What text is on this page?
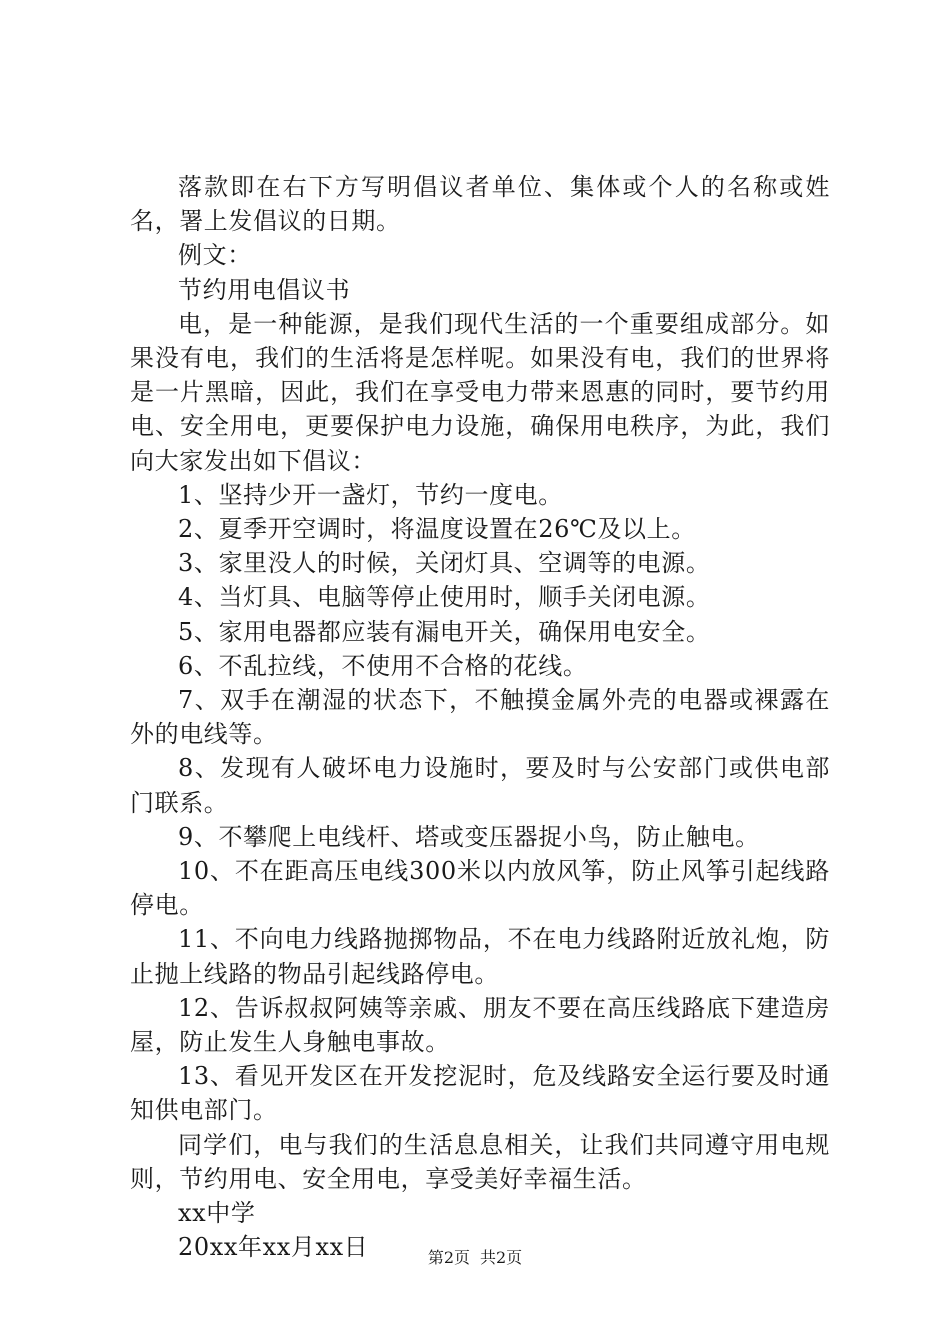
落款即在右下方写明倡议者单位、集体或个人的名称或姓名，署上发倡议的日期。

例文：

节约用电倡议书

电，是一种能源，是我们现代生活的一个重要组成部分。如果没有电，我们的生活将是怎样呢。如果没有电，我们的世界将是一片黑暗，因此，我们在享受电力带来恩惠的同时，要节约用电、安全用电，更要保护电力设施，确保用电秩序，为此，我们向大家发出如下倡议：

1、坚持少开一盏灯，节约一度电。

2、夏季开空调时，将温度设置在26℃及以上。

3、家里没人的时候，关闭灯具、空调等的电源。

4、当灯具、电脑等停止使用时，顺手关闭电源。

5、家用电器都应装有漏电开关，确保用电安全。

6、不乱拉线，不使用不合格的花线。

7、双手在潮湿的状态下，不触摸金属外壳的电器或裸露在外的电线等。

8、发现有人破坏电力设施时，要及时与公安部门或供电部门联系。

9、不攀爬上电线杆、塔或变压器捉小鸟，防止触电。

10、不在距高压电线300米以内放风筝，防止风筝引起线路停电。

11、不向电力线路抛掷物品，不在电力线路附近放礼炮，防止抛上线路的物品引起线路停电。

12、告诉叔叔阿姨等亲戚、朋友不要在高压线路底下建造房屋，防止发生人身触电事故。

13、看见开发区在开发挖泥时，危及线路安全运行要及时通知供电部门。

同学们，电与我们的生活息息相关，让我们共同遵守用电规则，节约用电、安全用电，享受美好幸福生活。

xx中学

20xx年xx月xx日	第2页 共2页
